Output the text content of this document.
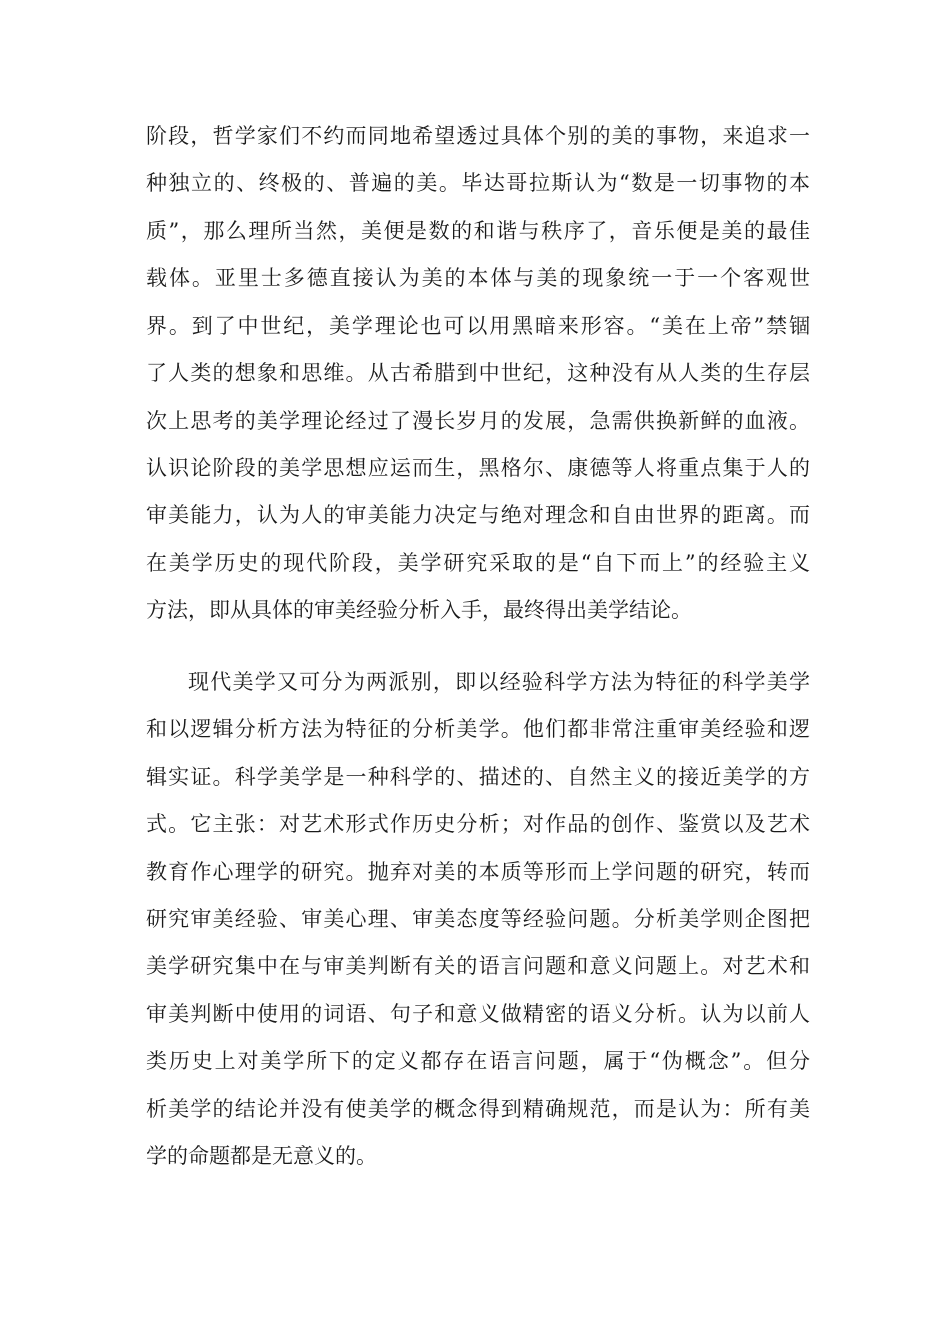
阶段，哲学家们不约而同地希望透过具体个别的美的事物，来追求一
种独立的、终极的、普遍的美。毕达哥拉斯认为“数是一切事物的本
质”，那么理所当然，美便是数的和谐与秩序了，音乐便是美的最佳
载体。亚里士多德直接认为美的本体与美的现象统一于一个客观世
界。到了中世纪，美学理论也可以用黑暗来形容。“美在上帝”禁锢
了人类的想象和思维。从古希腊到中世纪，这种没有从人类的生存层
次上思考的美学理论经过了漫长岁月的发展，急需供换新鲜的血液。
认识论阶段的美学思想应运而生，黑格尔、康德等人将重点集于人的
审美能力，认为人的审美能力决定与绝对理念和自由世界的距离。而
在美学历史的现代阶段，美学研究采取的是“自下而上”的经验主义
方法，即从具体的审美经验分析入手，最终得出美学结论。
现代美学又可分为两派别，即以经验科学方法为特征的科学美学
和以逻辑分析方法为特征的分析美学。他们都非常注重审美经验和逻
辑实证。科学美学是一种科学的、描述的、自然主义的接近美学的方
式。它主张：对艺术形式作历史分析；对作品的创作、鉴赏以及艺术
教育作心理学的研究。抛弃对美的本质等形而上学问题的研究，转而
研究审美经验、审美心理、审美态度等经验问题。分析美学则企图把
美学研究集中在与审美判断有关的语言问题和意义问题上。对艺术和
审美判断中使用的词语、句子和意义做精密的语义分析。认为以前人
类历史上对美学所下的定义都存在语言问题，属于“伪概念”。但分
析美学的结论并没有使美学的概念得到精确规范，而是认为：所有美
学的命题都是无意义的。
